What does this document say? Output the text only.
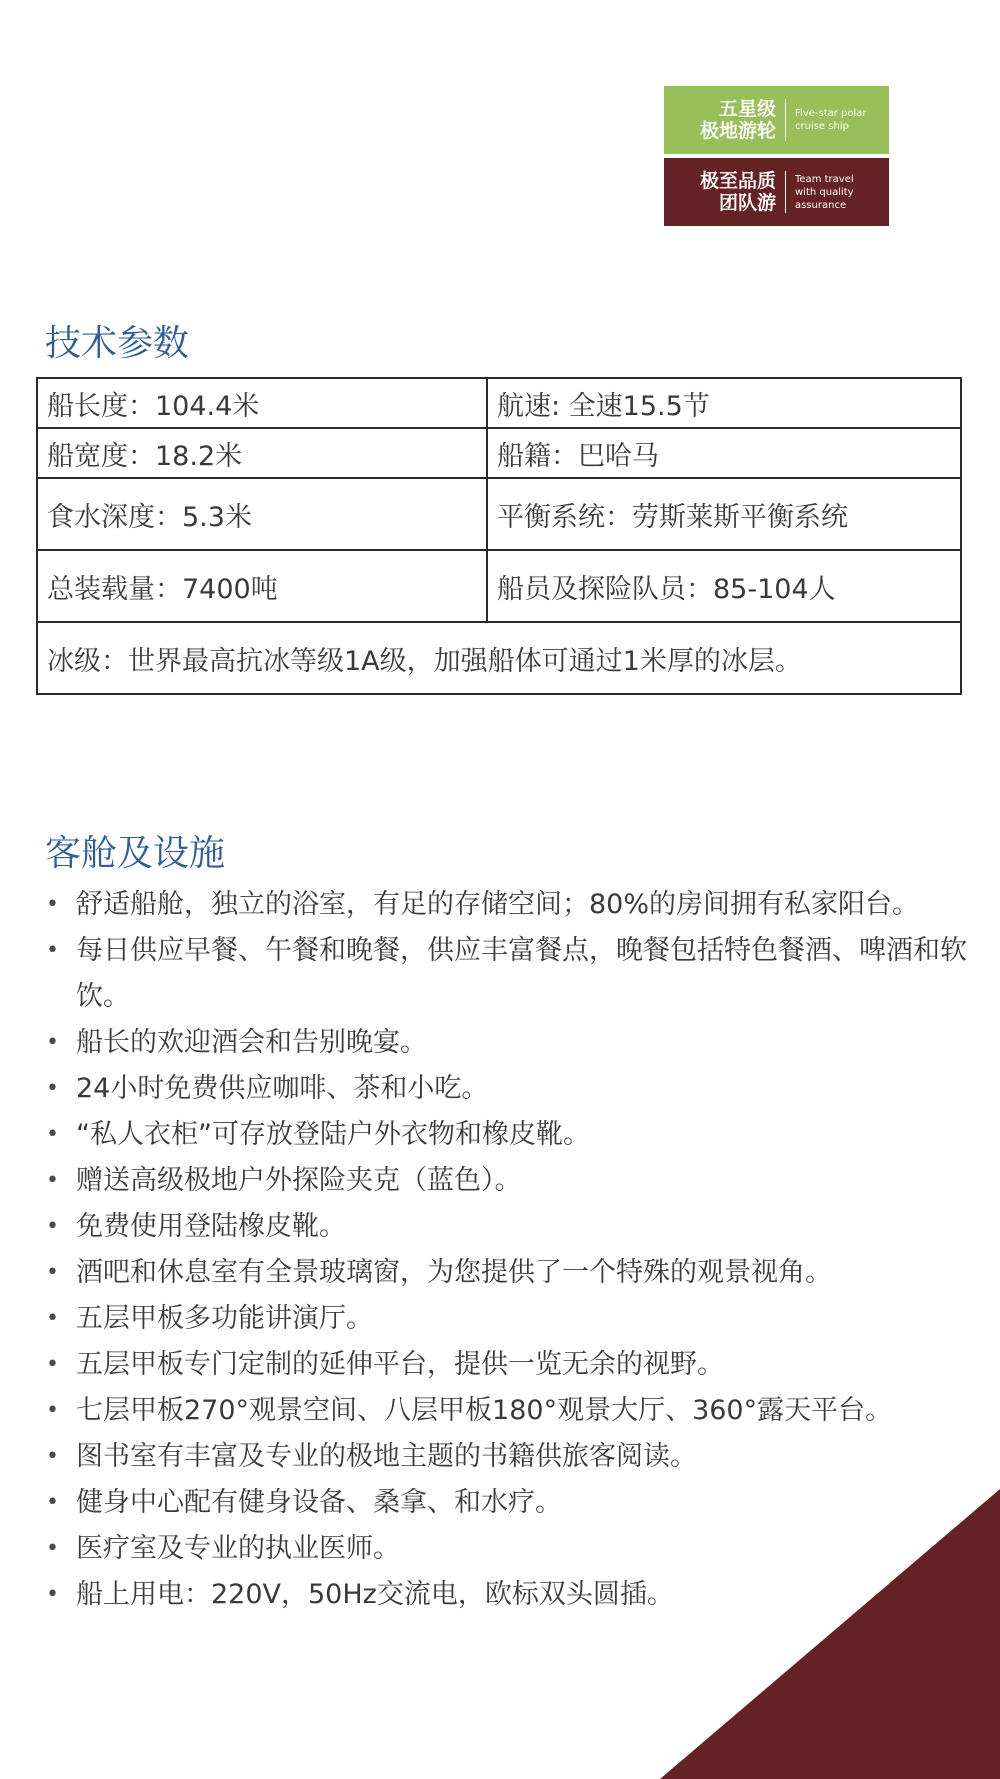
五星级
极地游轮
Five-star polar
cruise ship
极至品质
团队游
Team travel
with quality
assurance
技术参数
船长度：104.4米	航速: 全速15.5节
船宽度：18.2米	船籍：巴哈马
食水深度：5.3米	平衡系统：劳斯莱斯平衡系统
总装载量：7400吨	船员及探险队员：85-104人
冰级：世界最高抗冰等级1A级，加强船体可通过1米厚的冰层。	
客舱及设施
• 舒适船舱，独立的浴室，有足的存储空间；80%的房间拥有私家阳台。
• 每日供应早餐、午餐和晚餐，供应丰富餐点，晚餐包括特色餐酒、啤酒和软饮。
• 船长的欢迎酒会和告别晚宴。
• 24小时免费供应咖啡、茶和小吃。
• “私人衣柜”可存放登陆户外衣物和橡皮靴。
• 赠送高级极地户外探险夹克（蓝色）。
• 免费使用登陆橡皮靴。
• 酒吧和休息室有全景玻璃窗，为您提供了一个特殊的观景视角。
• 五层甲板多功能讲演厅。
• 五层甲板专门定制的延伸平台，提供一览无余的视野。
• 七层甲板270°观景空间、八层甲板180°观景大厅、360°露天平台。
• 图书室有丰富及专业的极地主题的书籍供旅客阅读。
• 健身中心配有健身设备、桑拿、和水疗。
• 医疗室及专业的执业医师。
• 船上用电：220V，50Hz交流电，欧标双头圆插。
